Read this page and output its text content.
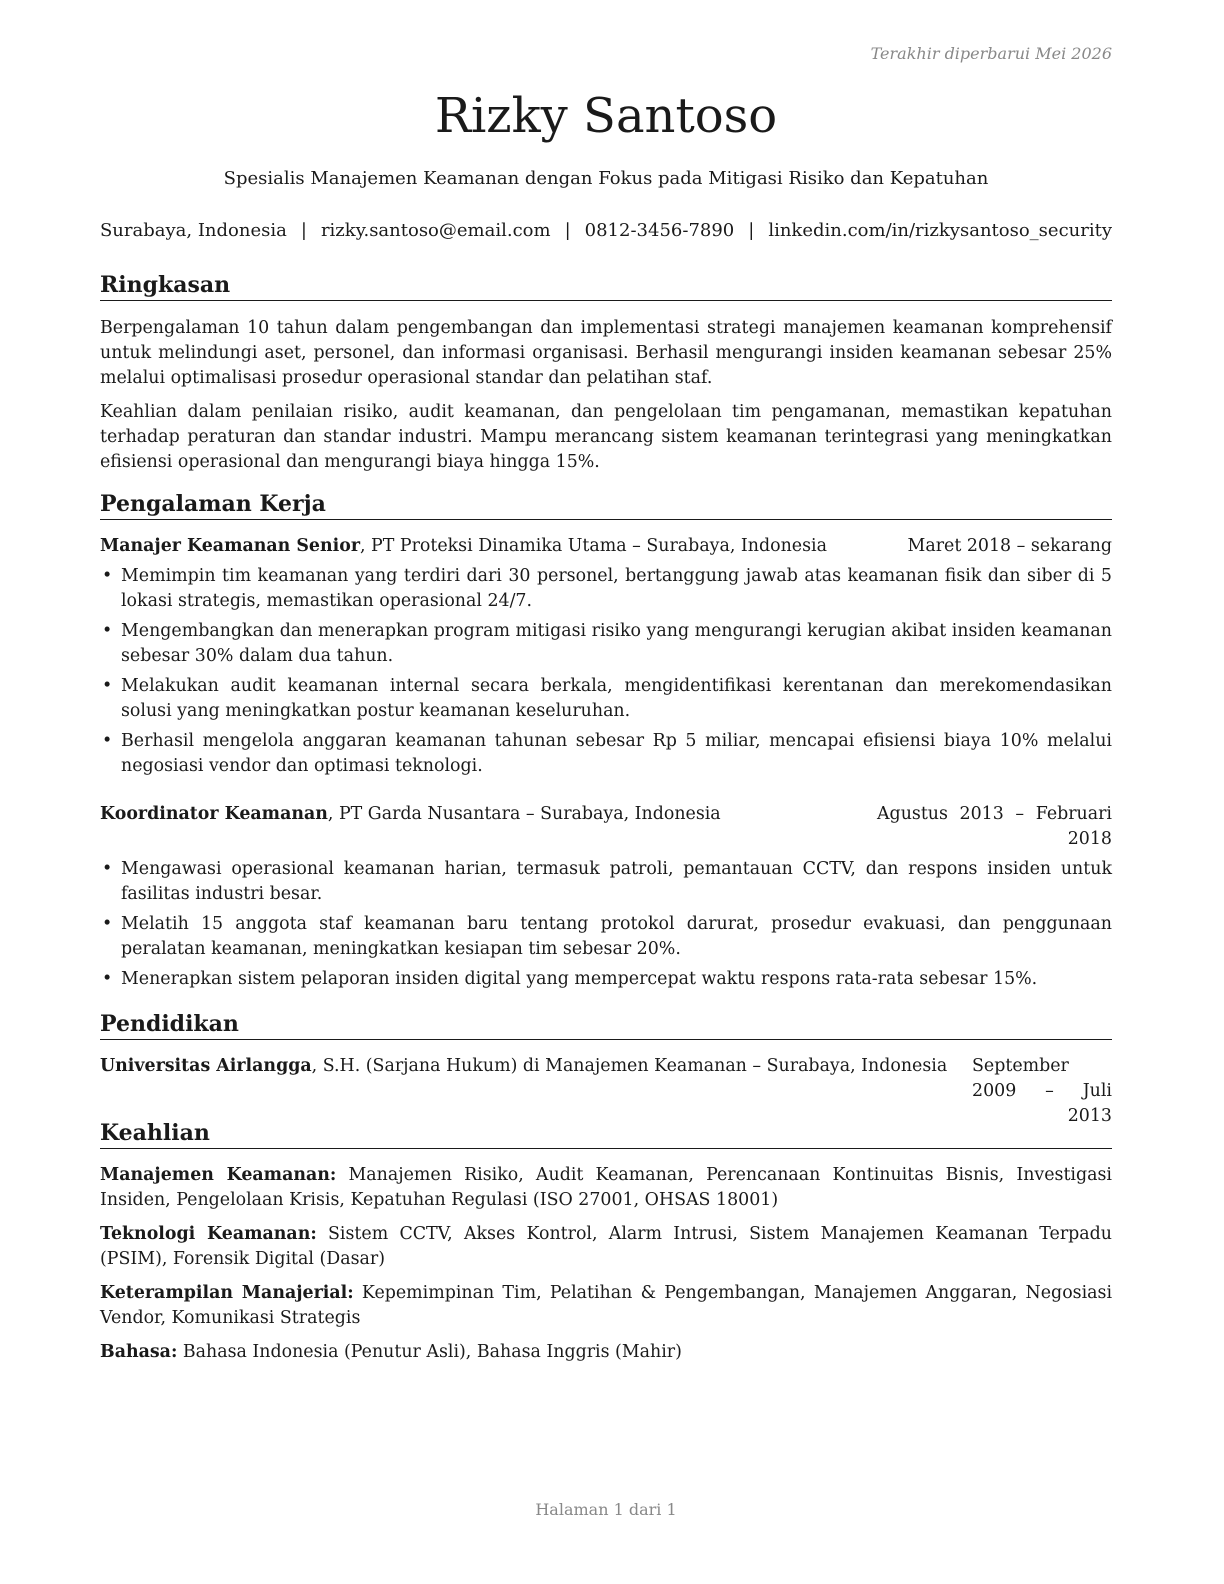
Terakhir diperbarui Mei 2026
Rizky Santoso
Spesialis Manajemen Keamanan dengan Fokus pada Mitigasi Risiko dan Kepatuhan
Surabaya, Indonesia | rizky.santoso@email.com | 0812-3456-7890 | linkedin.com/in/rizkysantoso_security
Ringkasan

Berpengalaman 10 tahun dalam pengembangan dan implementasi strategi manajemen keamanan komprehensif untuk melindungi aset, personel, dan informasi organisasi. Berhasil mengurangi insiden keamanan sebesar 25% melalui optimalisasi prosedur operasional standar dan pelatihan staf.

Keahlian dalam penilaian risiko, audit keamanan, dan pengelolaan tim pengamanan, memastikan kepatuhan terhadap peraturan dan standar industri. Mampu merancang sistem keamanan terintegrasi yang meningkatkan efisiensi operasional dan mengurangi biaya hingga 15%.

Pengalaman Kerja
Manajer Keamanan Senior, PT Proteksi Dinamika Utama – Surabaya, Indonesia	Maret 2018 – sekarang
• Memimpin tim keamanan yang terdiri dari 30 personel, bertanggung jawab atas keamanan fisik dan siber di 5 lokasi strategis, memastikan operasional 24/7.
• Mengembangkan dan menerapkan program mitigasi risiko yang mengurangi kerugian akibat insiden keamanan sebesar 30% dalam dua tahun.
• Melakukan audit keamanan internal secara berkala, mengidentifikasi kerentanan dan merekomendasikan solusi yang meningkatkan postur keamanan keseluruhan.
• Berhasil mengelola anggaran keamanan tahunan sebesar Rp 5 miliar, mencapai efisiensi biaya 10% melalui negosiasi vendor dan optimasi teknologi.
Koordinator Keamanan, PT Garda Nusantara – Surabaya, Indonesia	Agustus 2013 – Februari 2018
• Mengawasi operasional keamanan harian, termasuk patroli, pemantauan CCTV, dan respons insiden untuk fasilitas industri besar.
• Melatih 15 anggota staf keamanan baru tentang protokol darurat, prosedur evakuasi, dan penggunaan peralatan keamanan, meningkatkan kesiapan tim sebesar 20%.
• Menerapkan sistem pelaporan insiden digital yang mempercepat waktu respons rata-rata sebesar 15%.
Pendidikan
Universitas Airlangga, S.H. (Sarjana Hukum) di Manajemen Keamanan – Surabaya, Indonesia	September 2009 – Juli 2013
Keahlian

Manajemen Keamanan: Manajemen Risiko, Audit Keamanan, Perencanaan Kontinuitas Bisnis, Investigasi Insiden, Pengelolaan Krisis, Kepatuhan Regulasi (ISO 27001, OHSAS 18001)

Teknologi Keamanan: Sistem CCTV, Akses Kontrol, Alarm Intrusi, Sistem Manajemen Keamanan Terpadu (PSIM), Forensik Digital (Dasar)

Keterampilan Manajerial: Kepemimpinan Tim, Pelatihan & Pengembangan, Manajemen Anggaran, Negosiasi Vendor, Komunikasi Strategis

Bahasa: Bahasa Indonesia (Penutur Asli), Bahasa Inggris (Mahir)

Halaman 1 dari 1
